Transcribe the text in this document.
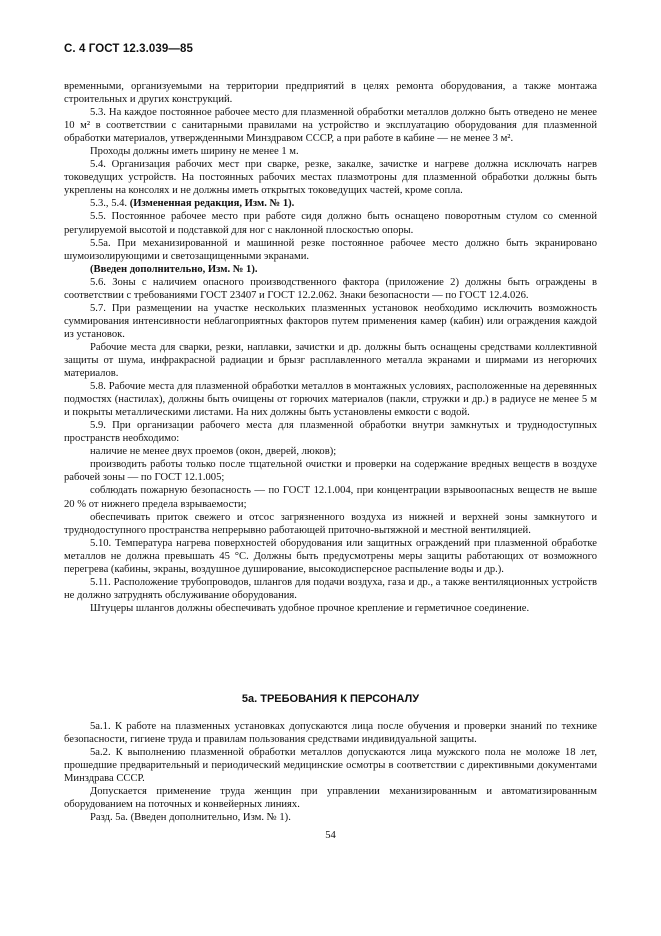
С. 4 ГОСТ 12.3.039—85

временными, организуемыми на территории предприятий в целях ремонта оборудования, а также монтажа строительных и других конструкций.

5.3. На каждое постоянное рабочее место для плазменной обработки металлов должно быть отведено не менее 10 м² в соответствии с санитарными правилами на устройство и эксплуатацию оборудования для плазменной обработки материалов, утвержденными Минздравом СССР, а при работе в кабине — не менее 3 м².

Проходы должны иметь ширину не менее 1 м.

5.4. Организация рабочих мест при сварке, резке, закалке, зачистке и нагреве должна исключать нагрев токоведущих устройств. На постоянных рабочих местах плазмотроны для плазменной обработки должны быть укреплены на консолях и не должны иметь открытых токоведущих частей, кроме сопла.

5.3., 5.4. (Измененная редакция, Изм. № 1).

5.5. Постоянное рабочее место при работе сидя должно быть оснащено поворотным стулом со сменной регулируемой высотой и подставкой для ног с наклонной плоскостью опоры.

5.5а. При механизированной и машинной резке постоянное рабочее место должно быть экранировано шумоизолирующими и светозащищенными экранами.

(Введен дополнительно, Изм. № 1).

5.6. Зоны с наличием опасного производственного фактора (приложение 2) должны быть ограждены в соответствии с требованиями ГОСТ 23407 и ГОСТ 12.2.062. Знаки безопасности — по ГОСТ 12.4.026.

5.7. При размещении на участке нескольких плазменных установок необходимо исключить возможность суммирования интенсивности неблагоприятных факторов путем применения камер (кабин) или ограждения каждой из установок.

Рабочие места для сварки, резки, наплавки, зачистки и др. должны быть оснащены средствами коллективной защиты от шума, инфракрасной радиации и брызг расплавленного металла экранами и ширмами из негорючих материалов.

5.8. Рабочие места для плазменной обработки металлов в монтажных условиях, расположенные на деревянных подмостях (настилах), должны быть очищены от горючих материалов (пакли, стружки и др.) в радиусе не менее 5 м и покрыты металлическими листами. На них должны быть установлены емкости с водой.

5.9. При организации рабочего места для плазменной обработки внутри замкнутых и труднодоступных пространств необходимо:

наличие не менее двух проемов (окон, дверей, люков);

производить работы только после тщательной очистки и проверки на содержание вредных веществ в воздухе рабочей зоны — по ГОСТ 12.1.005;

соблюдать пожарную безопасность — по ГОСТ 12.1.004, при концентрации взрывоопасных веществ не выше 20 % от нижнего предела взрываемости;

обеспечивать приток свежего и отсос загрязненного воздуха из нижней и верхней зоны замкнутого и труднодоступного пространства непрерывно работающей приточно-вытяжной и местной вентиляцией.

5.10. Температура нагрева поверхностей оборудования или защитных ограждений при плазменной обработке металлов не должна превышать 45 °С. Должны быть предусмотрены меры защиты работающих от возможного перегрева (кабины, экраны, воздушное душирование, высокодисперсное распыление воды и др.).

5.11. Расположение трубопроводов, шлангов для подачи воздуха, газа и др., а также вентиляционных устройств не должно затруднять обслуживание оборудования.

Штуцеры шлангов должны обеспечивать удобное прочное крепление и герметичное соединение.

5а. ТРЕБОВАНИЯ К ПЕРСОНАЛУ

5а.1. К работе на плазменных установках допускаются лица после обучения и проверки знаний по технике безопасности, гигиене труда и правилам пользования средствами индивидуальной защиты.

5а.2. К выполнению плазменной обработки металлов допускаются лица мужского пола не моложе 18 лет, прошедшие предварительный и периодический медицинские осмотры в соответствии с директивными документами Минздрава СССР.

Допускается применение труда женщин при управлении механизированным и автоматизированным оборудованием на поточных и конвейерных линиях.

Разд. 5а. (Введен дополнительно, Изм. № 1).

54
